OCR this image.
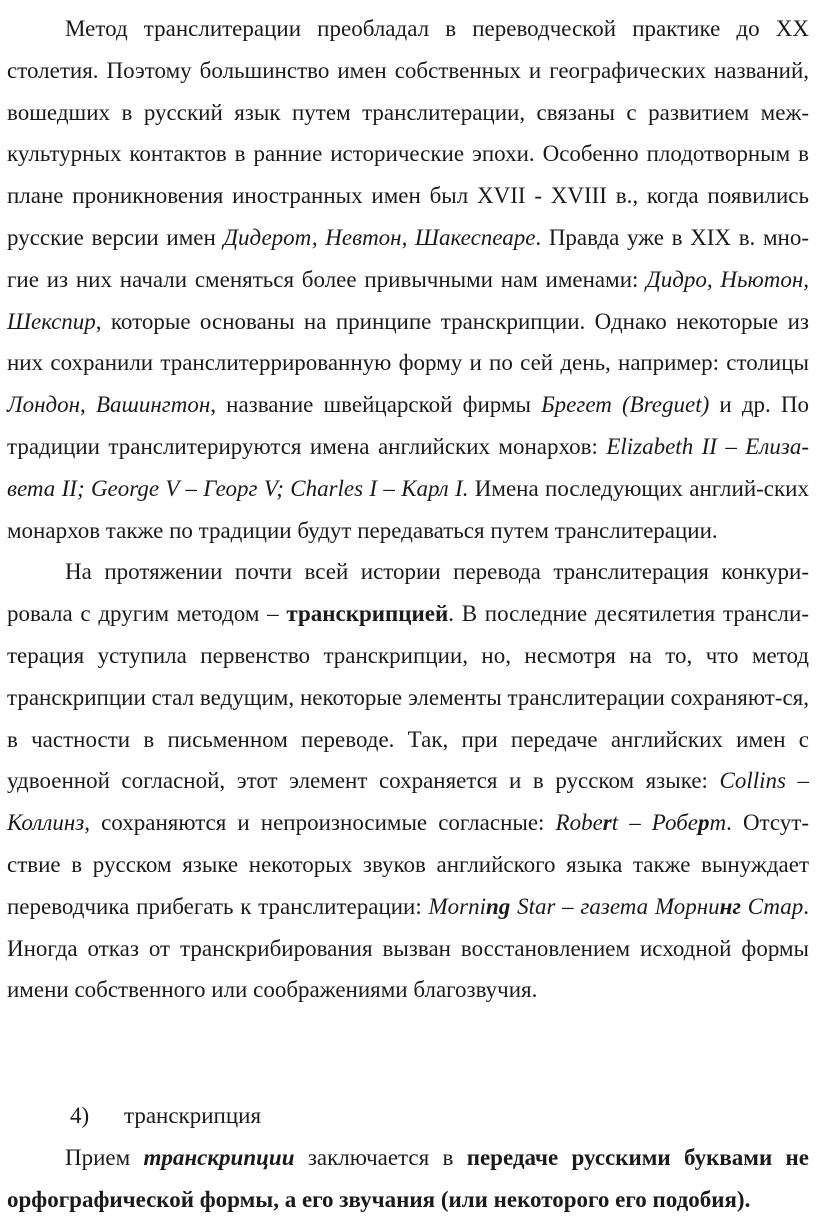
Метод транслитерации преобладал в переводческой практике до XX столетия. Поэтому большинство имен собственных и географических названий, вошедших в русский язык путем транслитерации, связаны с развитием меж-культурных контактов в ранние исторические эпохи. Особенно плодотворным в плане проникновения иностранных имен был XVII - XVIII в., когда появились русские версии имен Дидерот, Невтон, Шакеспеаре. Правда уже в XIX в. мно-гие из них начали сменяться более привычными нам именами: Дидро, Ньютон, Шекспир, которые основаны на принципе транскрипции. Однако некоторые из них сохранили транслитеррированную форму и по сей день, например: столицы Лондон, Вашингтон, название швейцарской фирмы Брегет (Breguet) и др. По традиции транслитерируются имена английских монархов: Elizabeth II – Елиза-вета II; George V – Георг V; Charles I – Карл I. Имена последующих англий-ских монархов также по традиции будут передаваться путем транслитерации.

На протяжении почти всей истории перевода транслитерация конкури-ровала с другим методом – транскрипцией. В последние десятилетия трансли-терация уступила первенство транскрипции, но, несмотря на то, что метод транскрипции стал ведущим, некоторые элементы транслитерации сохраняют-ся, в частности в письменном переводе. Так, при передаче английских имен с удвоенной согласной, этот элемент сохраняется и в русском языке: Collins – Коллинз, сохраняются и непроизносимые согласные: Robert – Роберт. Отсут-ствие в русском языке некоторых звуков английского языка также вынуждает переводчика прибегать к транслитерации: Morning Star – газета Морнинг Стар. Иногда отказ от транскрибирования вызван восстановлением исходной формы имени собственного или соображениями благозвучия.

4) транскрипция

Прием транскрипции заключается в передаче русскими буквами не орфографической формы, а его звучания (или некоторого его подобия).
